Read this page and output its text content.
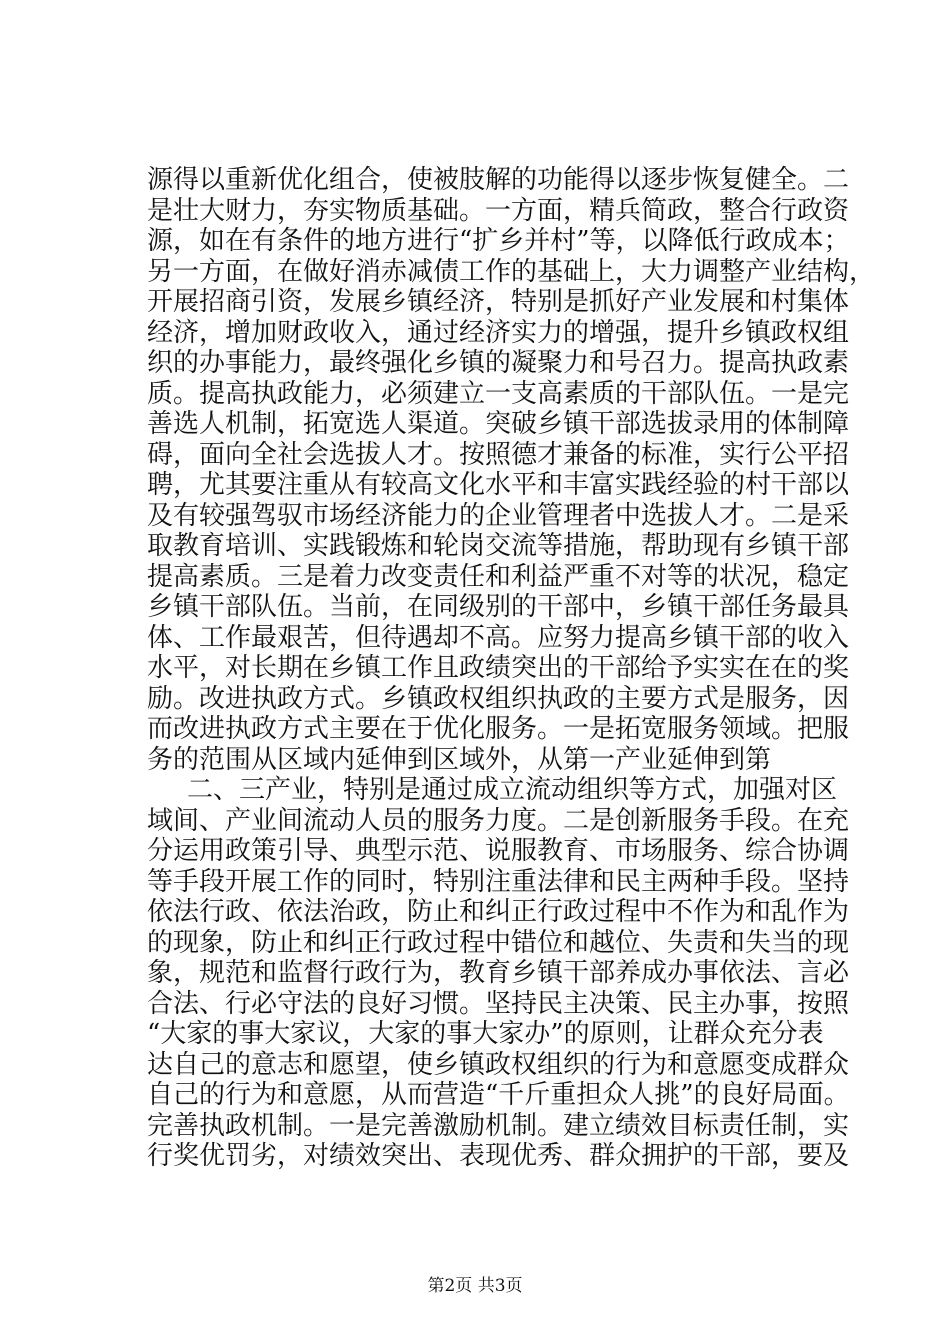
源得以重新优化组合，使被肢解的功能得以逐步恢复健全。二
是壮大财力，夯实物质基础。一方面，精兵简政，整合行政资
源，如在有条件的地方进行“扩乡并村”等，以降低行政成本；
另一方面，在做好消赤减债工作的基础上，大力调整产业结构，
开展招商引资，发展乡镇经济，特别是抓好产业发展和村集体
经济，增加财政收入，通过经济实力的增强，提升乡镇政权组
织的办事能力，最终强化乡镇的凝聚力和号召力。提高执政素
质。提高执政能力，必须建立一支高素质的干部队伍。一是完
善选人机制，拓宽选人渠道。突破乡镇干部选拔录用的体制障
碍，面向全社会选拔人才。按照德才兼备的标准，实行公平招
聘，尤其要注重从有较高文化水平和丰富实践经验的村干部以
及有较强驾驭市场经济能力的企业管理者中选拔人才。二是采
取教育培训、实践锻炼和轮岗交流等措施，帮助现有乡镇干部
提高素质。三是着力改变责任和利益严重不对等的状况，稳定
乡镇干部队伍。当前，在同级别的干部中，乡镇干部任务最具
体、工作最艰苦，但待遇却不高。应努力提高乡镇干部的收入
水平，对长期在乡镇工作且政绩突出的干部给予实实在在的奖
励。改进执政方式。乡镇政权组织执政的主要方式是服务，因
而改进执政方式主要在于优化服务。一是拓宽服务领域。把服
务的范围从区域内延伸到区域外，从第一产业延伸到第
二、三产业，特别是通过成立流动组织等方式，加强对区
域间、产业间流动人员的服务力度。二是创新服务手段。在充
分运用政策引导、典型示范、说服教育、市场服务、综合协调
等手段开展工作的同时，特别注重法律和民主两种手段。坚持
依法行政、依法治政，防止和纠正行政过程中不作为和乱作为
的现象，防止和纠正行政过程中错位和越位、失责和失当的现
象，规范和监督行政行为，教育乡镇干部养成办事依法、言必
合法、行必守法的良好习惯。坚持民主决策、民主办事，按照
“大家的事大家议，大家的事大家办”的原则，让群众充分表
达自己的意志和愿望，使乡镇政权组织的行为和意愿变成群众
自己的行为和意愿，从而营造“千斤重担众人挑”的良好局面。
完善执政机制。一是完善激励机制。建立绩效目标责任制，实
行奖优罚劣，对绩效突出、表现优秀、群众拥护的干部，要及
第2页 共3页
